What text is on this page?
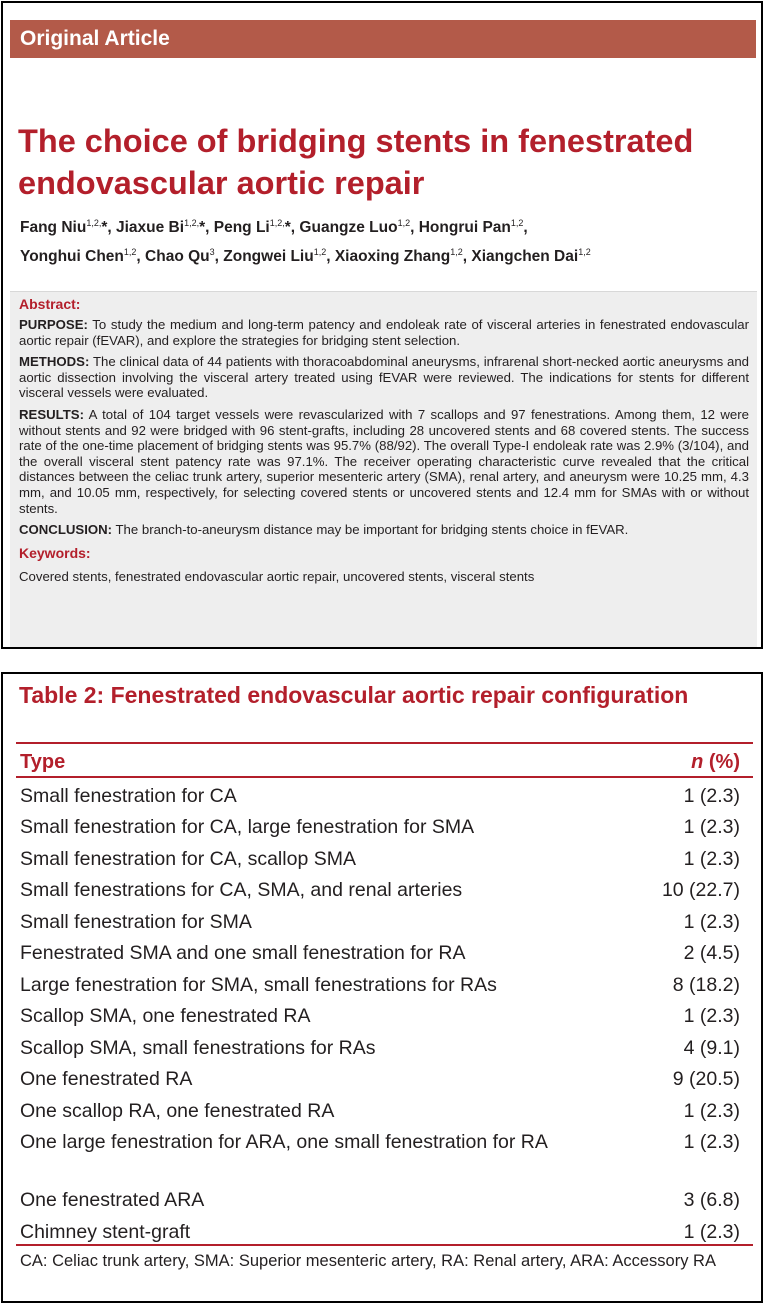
Original Article
The choice of bridging stents in fenestrated endovascular aortic repair
Fang Niu$^{1,2,}$*, Jiaxue $Bi^{1,2,}*$, Peng $Li^{1,2,}*$, Guangze Luo$^{1,2}$, Hongrui Pan$^{1,2}$,
Yonghui Chen$^{1,2}$, Chao Qu$^3$, Zongwei Liu$^{1,2}$, Xiaoxing Zhang$^{1,2}$, Xiangchen Dai$^{1,2}$
Abstract:

PURPOSE: To study the medium and long-term patency and endoleak rate of visceral arteries in fenestrated endovascular aortic repair (fEVAR), and explore the strategies for bridging stent selection.

METHODS: The clinical data of 44 patients with thoracoabdominal aneurysms, infrarenal short-necked aortic aneurysms and aortic dissection involving the visceral artery treated using fEVAR were reviewed. The indications for stents for different visceral vessels were evaluated.

RESULTS: A total of 104 target vessels were revascularized with 7 scallops and 97 fenestrations. Among them, 12 were without stents and 92 were bridged with 96 stent-grafts, including 28 uncovered stents and 68 covered stents. The success rate of the one-time placement of bridging stents was 95.7% (88/92). The overall Type-I endoleak rate was 2.9% (3/104), and the overall visceral stent patency rate was 97.1%. The receiver operating characteristic curve revealed that the critical distances between the celiac trunk artery, superior mesenteric artery (SMA), renal artery, and aneurysm were 10.25 mm, 4.3 mm, and 10.05 mm, respectively, for selecting covered stents or uncovered stents and 12.4 mm for SMAs with or without stents.

CONCLUSION: The branch-to-aneurysm distance may be important for bridging stents choice in fEVAR.

Keywords:
Covered stents, fenestrated endovascular aortic repair, uncovered stents, visceral stents
Table 2: Fenestrated endovascular aortic repair configuration
Type	n (%)
Small fenestration for CA	1 (2.3)
Small fenestration for CA, large fenestration for SMA	1 (2.3)
Small fenestration for CA, scallop SMA	1 (2.3)
Small fenestrations for CA, SMA, and renal arteries	10 (22.7)
Small fenestration for SMA	1 (2.3)
Fenestrated SMA and one small fenestration for RA	2 (4.5)
Large fenestration for SMA, small fenestrations for RAs	8 (18.2)
Scallop SMA, one fenestrated RA	1 (2.3)
Scallop SMA, small fenestrations for RAs	4 (9.1)
One fenestrated RA	9 (20.5)
One scallop RA, one fenestrated RA	1 (2.3)
One large fenestration for ARA, one small fenestration for RA	1 (2.3)
One fenestrated ARA	3 (6.8)
Chimney stent-graft	1 (2.3)
CA: Celiac trunk artery, SMA: Superior mesenteric artery, RA: Renal artery, ARA: Accessory RA
